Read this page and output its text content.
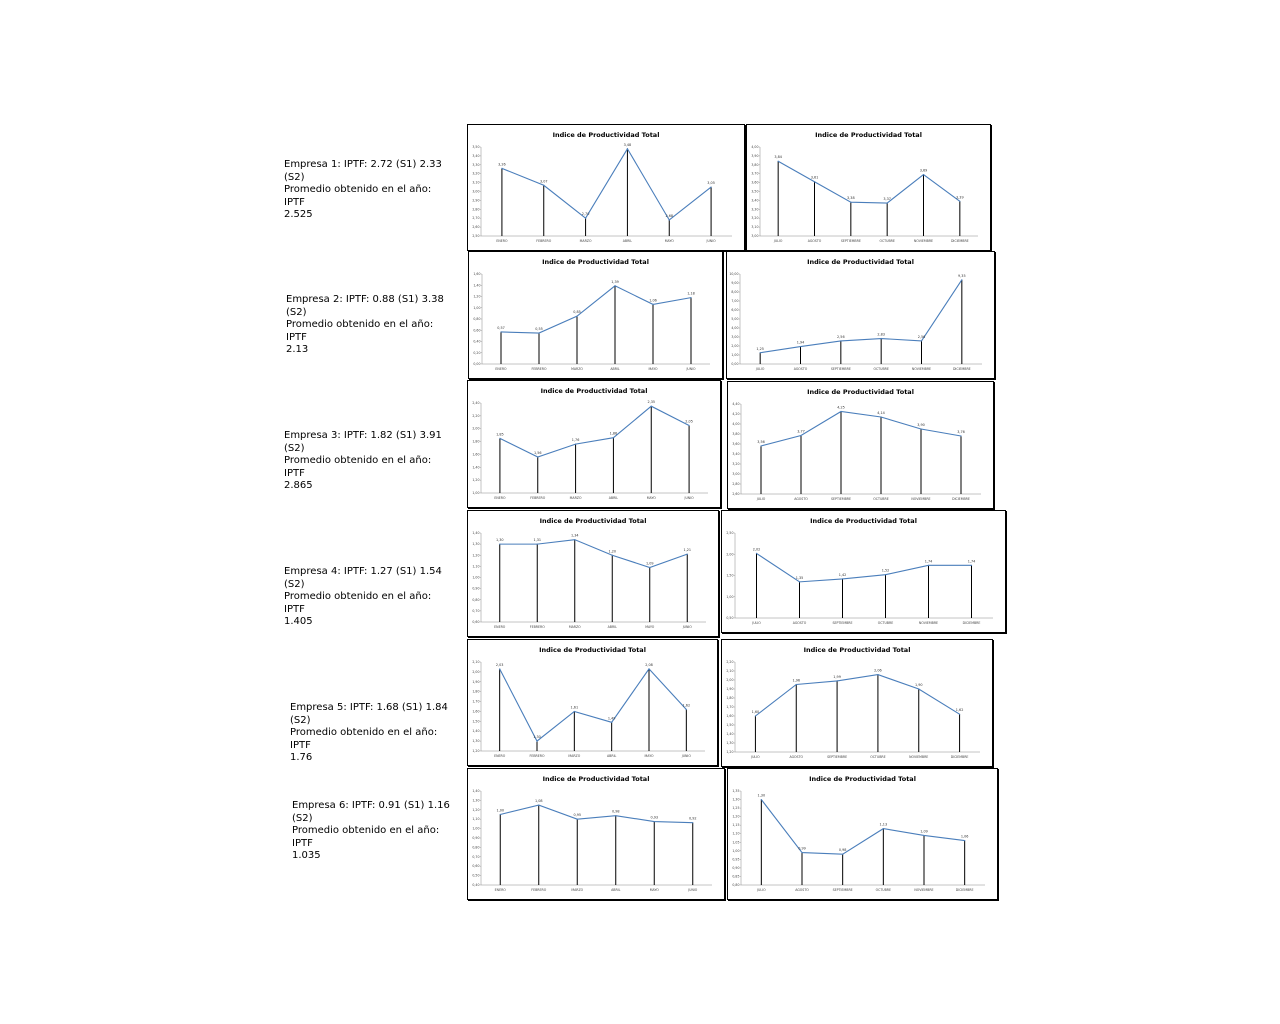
Empresa 1: IPTF: 2.72 (S1) 2.33 (S2)
Promedio obtenido en el año: IPTF
2.525
Empresa 2: IPTF: 0.88 (S1) 3.38 (S2)
Promedio obtenido en el año: IPTF
2.13
Empresa 3: IPTF: 1.82 (S1) 3.91 (S2)
Promedio obtenido en el año: IPTF
2.865
Empresa 4: IPTF: 1.27 (S1) 1.54 (S2)
Promedio obtenido en el año: IPTF
1.405
Empresa 5: IPTF: 1.68 (S1) 1.84 (S2)
Promedio obtenido en el año: IPTF
1.76
Empresa 6: IPTF: 0.91 (S1) 1.16 (S2)
Promedio obtenido en el año: IPTF
1.035
Indice de Productividad Total
2,50
2,60
2,70
2,80
2,90
3,00
3,10
3,20
3,30
3,40
3,50
ENERO	FEBRERO	MARZO	ABRIL	MAYO	JUNIO
3,26
3,07
2,70
3,48
2,68
3,05
Indice de Productividad Total
3,00
3,10
3,20
3,30
3,40
3,50
3,60
3,70
3,80
3,90
4,00
JULIO	AGOSTO	SEPTIEMBRE	OCTUBRE	NOVIEMBRE	DICIEMBRE
3,84
3,61
3,38	3,37
3,69
3,39
Indice de Productividad Total
0,00
0,20
0,40
0,60
0,80
1,00
1,20
1,40
1,60
ENERO	FEBRERO	MARZO	ABRIL	MAYO	JUNIO
0,57	0,55
0,85
1,39
1,06
1,18
Indice de Productividad Total
0,00
1,00
2,00
3,00
4,00
5,00
6,00
7,00
8,00
9,00
10,00
JULIO	AGOSTO	SEPTIEMBRE	OCTUBRE	NOVIEMBRE	DICIEMBRE
1,25
1,94
2,56
2,83
2,56
9,35
Indice de Productividad Total
1,00
1,20
1,40
1,60
1,80
2,00
2,20
2,40
ENERO	FEBRERO	MARZO	ABRIL	MAYO	JUNIO
1,85
1,56
1,76
1,86
2,35
2,05
Indice de Productividad Total
2,60
2,80
3,00
3,20
3,40
3,60
3,80
4,00
4,20
4,40
JULIO	AGOSTO	SEPTIEMBRE	OCTUBRE	NOVIEMBRE	DICIEMBRE
3,56
3,77
4,25
4,14
3,90
3,76
Indice de Productividad Total
0,60
0,70
0,80
0,90
1,00
1,10
1,20
1,30
1,40
ENERO	FEBRERO	MARZO	ABRIL	MAYO	JUNIO
1,30	1,31
1,34
1,20
1,09
1,21
Indice de Productividad Total
0,50
1,00
1,50
2,00
2,50
JULIO	AGOSTO	SEPTIEMBRE	OCTUBRE	NOVIEMBRE	DICIEMBRE
2,02
1,35
1,42
1,52
1,74	1,74
Indice de Productividad Total
1,20
1,30
1,40
1,50
1,60
1,70
1,80
1,90
2,00
2,10
ENERO	FEBRERO	MARZO	ABRIL	MAYO	JUNIO
2,03
1,30
1,61
1,49
2,08
1,62
Indice de Productividad Total
1,20
1,30
1,40
1,50
1,60
1,70
1,80
1,90
2,00
2,10
2,20
JULIO	AGOSTO	SEPTIEMBRE	OCTUBRE	NOVIEMBRE	DICIEMBRE
1,60
1,96
1,99
2,06
1,90
1,62
Indice de Productividad Total
0,40
0,50
0,60
0,70
0,80
0,90
1,00
1,10
1,20
1,30
1,40
ENERO	FEBRERO	MARZO	ABRIL	MAYO	JUNIO
1,00
1,08
0,95
0,98
0,93	0,92
Indice de Productividad Total
0,80
0,85
0,90
0,95
1,00
1,05
1,10
1,15
1,20
1,25
1,30
1,35
JULIO	AGOSTO	SEPTIEMBRE	OCTUBRE	NOVIEMBRE	DICIEMBRE
1,30
0,99	0,98
1,13
1,09
1,06
